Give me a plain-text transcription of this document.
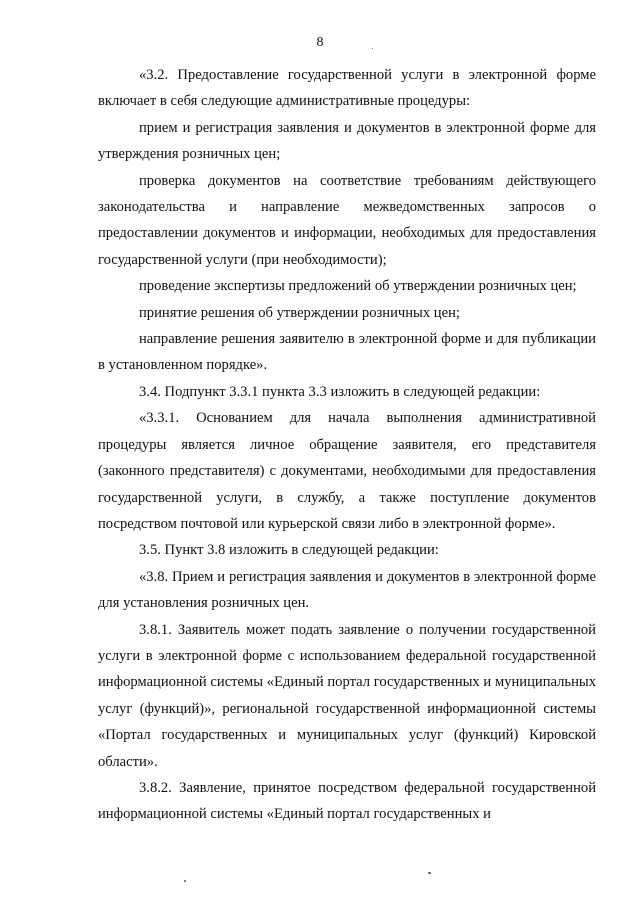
8

«3.2. Предоставление государственной услуги в электронной форме включает в себя следующие административные процедуры:

прием и регистрация заявления и документов в электронной форме для утверждения розничных цен;

проверка документов на соответствие требованиям действующего законодательства и направление межведомственных запросов о предоставлении документов и информации, необходимых для предоставления государственной услуги (при необходимости);

проведение экспертизы предложений об утверждении розничных цен;

принятие решения об утверждении розничных цен;

направление решения заявителю в электронной форме и для публикации в установленном порядке».

3.4. Подпункт 3.3.1 пункта 3.3 изложить в следующей редакции:

«3.3.1. Основанием для начала выполнения административной процедуры является личное обращение заявителя, его представителя (законного представителя) с документами, необходимыми для предоставления государственной услуги, в службу, а также поступление документов посредством почтовой или курьерской связи либо в электронной форме».

3.5. Пункт 3.8 изложить в следующей редакции:

«3.8. Прием и регистрация заявления и документов в электронной форме для установления розничных цен.

3.8.1. Заявитель может подать заявление о получении государственной услуги в электронной форме с использованием федеральной государственной информационной системы «Единый портал государственных и муниципальных услуг (функций)», региональной государственной информационной системы «Портал государственных и муниципальных услуг (функций) Кировской области».

3.8.2. Заявление, принятое посредством федеральной государственной информационной системы «Единый портал государственных и
